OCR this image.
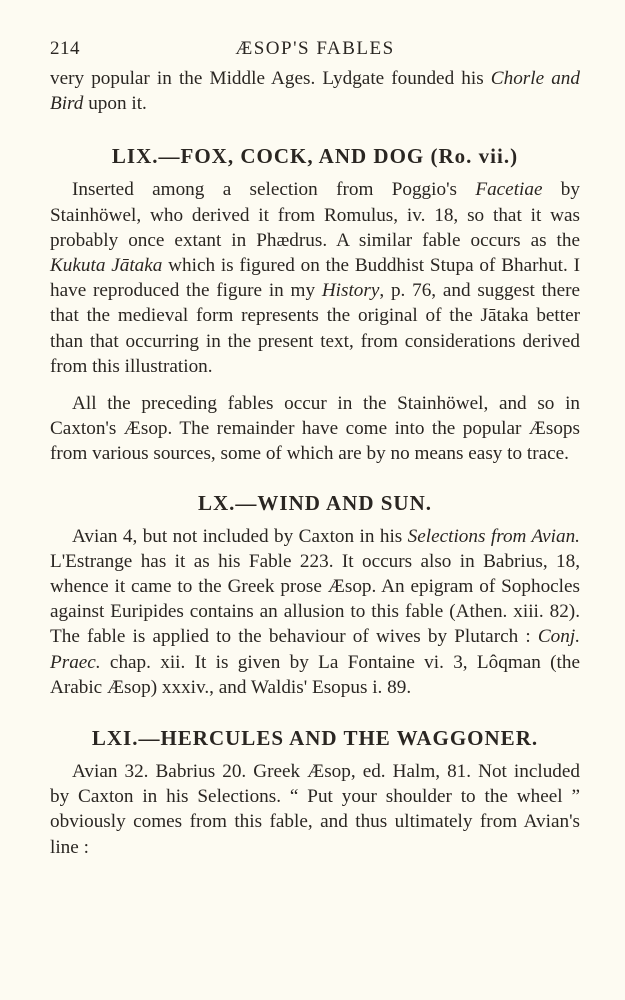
214	ÆSOP'S FABLES

very popular in the Middle Ages. Lydgate founded his Chorle and Bird upon it.

LIX.—FOX, COCK, AND DOG (Ro. vii.)

Inserted among a selection from Poggio's Facetiae by Stainhöwel, who derived it from Romulus, iv. 18, so that it was probably once extant in Phædrus. A similar fable occurs as the Kukuta Jātaka which is figured on the Buddhist Stupa of Bharhut. I have reproduced the figure in my History, p. 76, and suggest there that the medieval form represents the original of the Jātaka better than that occurring in the present text, from considerations derived from this illustration.

All the preceding fables occur in the Stainhöwel, and so in Caxton's Æsop. The remainder have come into the popular Æsops from various sources, some of which are by no means easy to trace.

LX.—WIND AND SUN.

Avian 4, but not included by Caxton in his Selections from Avian. L'Estrange has it as his Fable 223. It occurs also in Babrius, 18, whence it came to the Greek prose Æsop. An epigram of Sophocles against Euripides contains an allusion to this fable (Athen. xiii. 82). The fable is applied to the behaviour of wives by Plutarch : Conj. Praec. chap. xii. It is given by La Fontaine vi. 3, Lôqman (the Arabic Æsop) xxxiv., and Waldis' Esopus i. 89.

LXI.—HERCULES AND THE WAGGONER.

Avian 32. Babrius 20. Greek Æsop, ed. Halm, 81. Not included by Caxton in his Selections. “ Put your shoulder to the wheel ” obviously comes from this fable, and thus ultimately from Avian's line :
